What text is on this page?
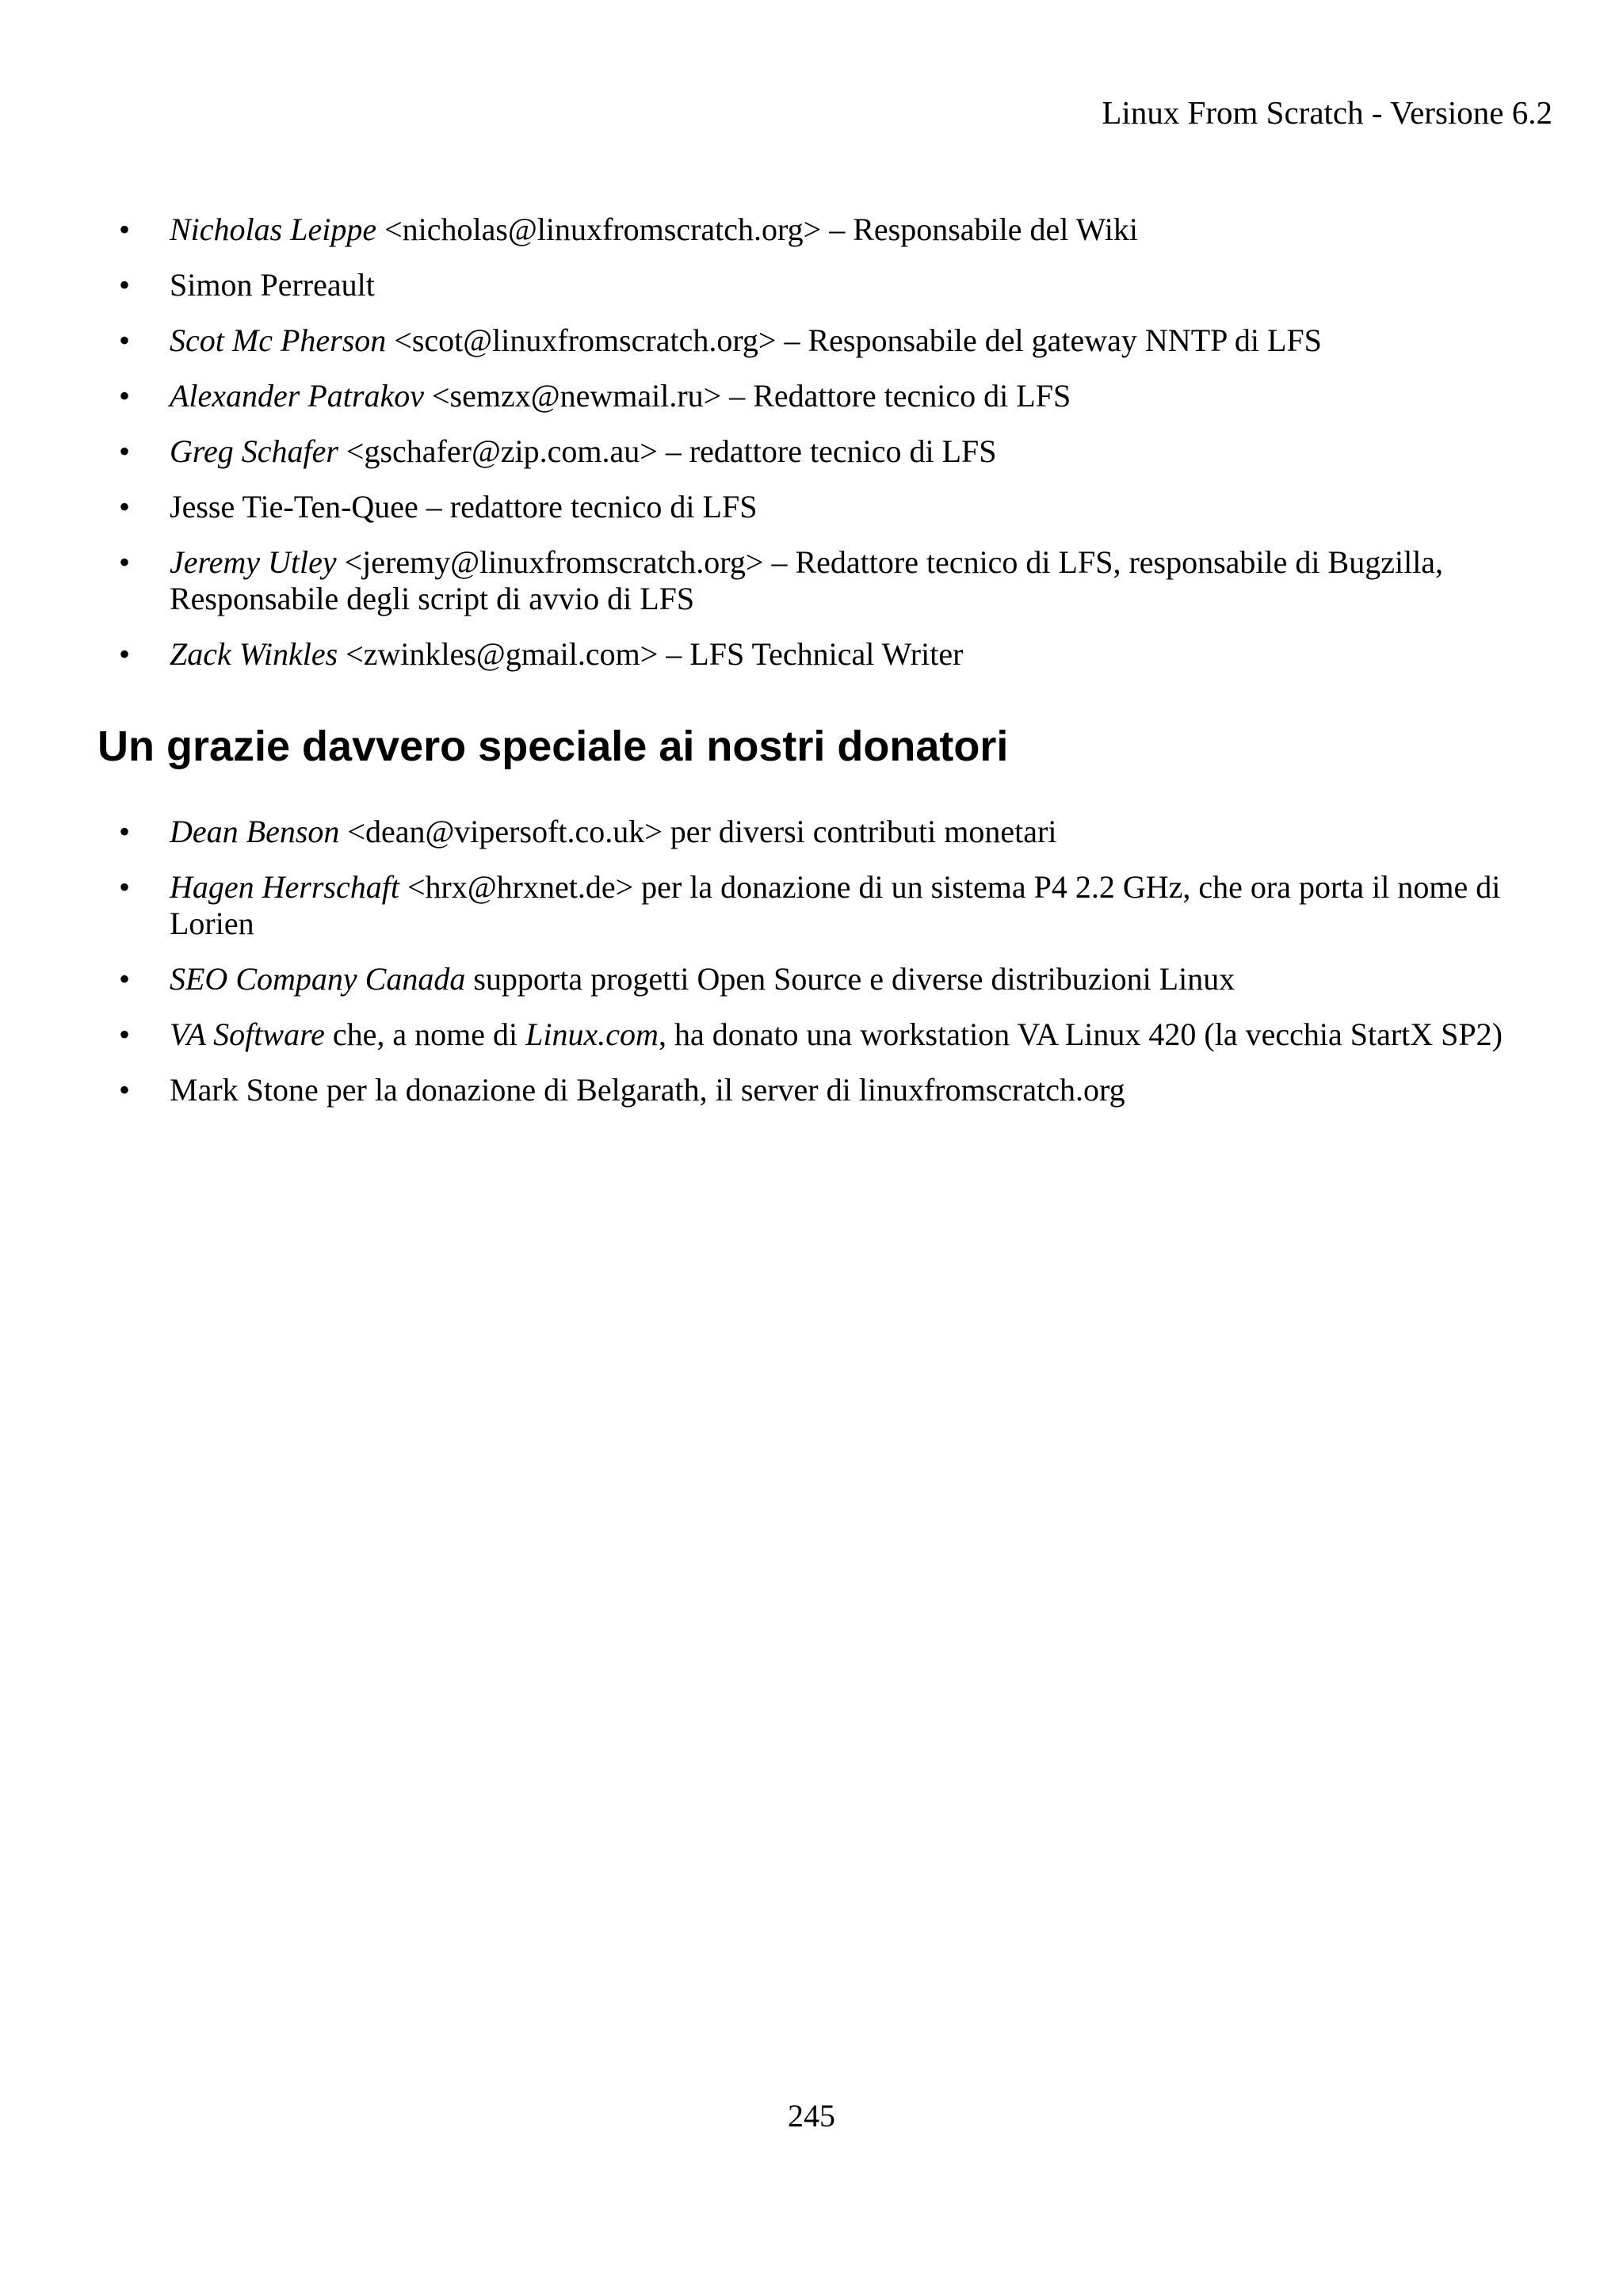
Linux From Scratch - Versione 6.2
• Nicholas Leippe <nicholas@linuxfromscratch.org> – Responsabile del Wiki
• Simon Perreault
• Scot Mc Pherson <scot@linuxfromscratch.org> – Responsabile del gateway NNTP di LFS
• Alexander Patrakov <semzx@newmail.ru> – Redattore tecnico di LFS
• Greg Schafer <gschafer@zip.com.au> – redattore tecnico di LFS
• Jesse Tie-Ten-Quee – redattore tecnico di LFS
• Jeremy Utley <jeremy@linuxfromscratch.org> – Redattore tecnico di LFS, responsabile di Bugzilla, Responsabile degli script di avvio di LFS
• Zack Winkles <zwinkles@gmail.com> – LFS Technical Writer
Un grazie davvero speciale ai nostri donatori
• Dean Benson <dean@vipersoft.co.uk> per diversi contributi monetari
• Hagen Herrschaft <hrx@hrxnet.de> per la donazione di un sistema P4 2.2 GHz, che ora porta il nome di Lorien
• SEO Company Canada supporta progetti Open Source e diverse distribuzioni Linux
• VA Software che, a nome di Linux.com, ha donato una workstation VA Linux 420 (la vecchia StartX SP2)
• Mark Stone per la donazione di Belgarath, il server di linuxfromscratch.org
245
